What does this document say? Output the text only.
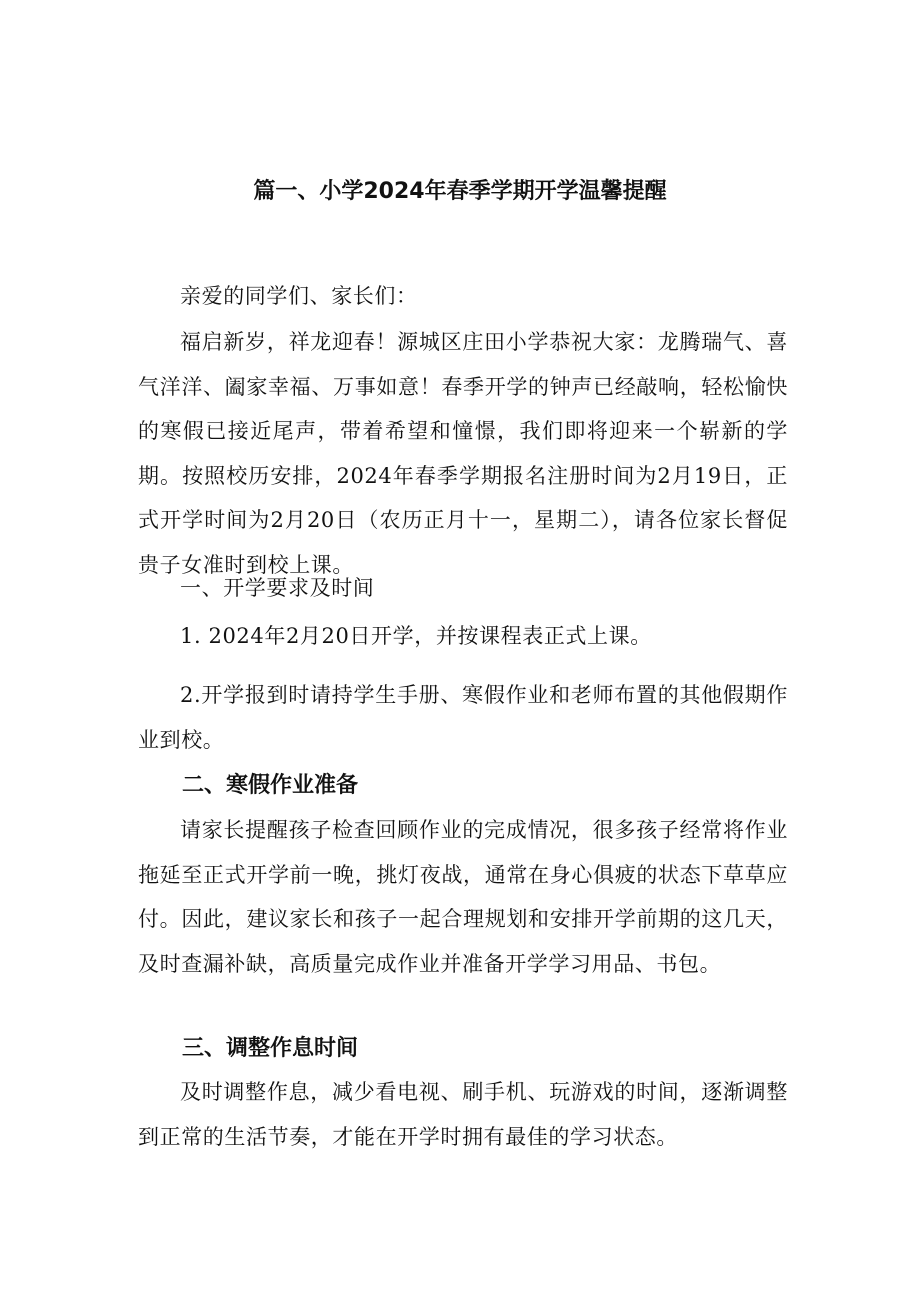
篇一、小学2024年春季学期开学温馨提醒

亲爱的同学们、家长们：

福启新岁，祥龙迎春！源城区庄田小学恭祝大家：龙腾瑞气、喜气洋洋、阖家幸福、万事如意！春季开学的钟声已经敲响，轻松愉快的寒假已接近尾声，带着希望和憧憬，我们即将迎来一个崭新的学期。按照校历安排，2024年春季学期报名注册时间为2月19日，正式开学时间为2月20日（农历正月十一，星期二），请各位家长督促贵子女准时到校上课。

一、开学要求及时间

1. 2024年2月20日开学，并按课程表正式上课。

2.开学报到时请持学生手册、寒假作业和老师布置的其他假期作业到校。

二、寒假作业准备

请家长提醒孩子检查回顾作业的完成情况，很多孩子经常将作业拖延至正式开学前一晚，挑灯夜战，通常在身心俱疲的状态下草草应付。因此，建议家长和孩子一起合理规划和安排开学前期的这几天，及时查漏补缺，高质量完成作业并准备开学学习用品、书包。

三、调整作息时间

及时调整作息，减少看电视、刷手机、玩游戏的时间，逐渐调整到正常的生活节奏，才能在开学时拥有最佳的学习状态。
